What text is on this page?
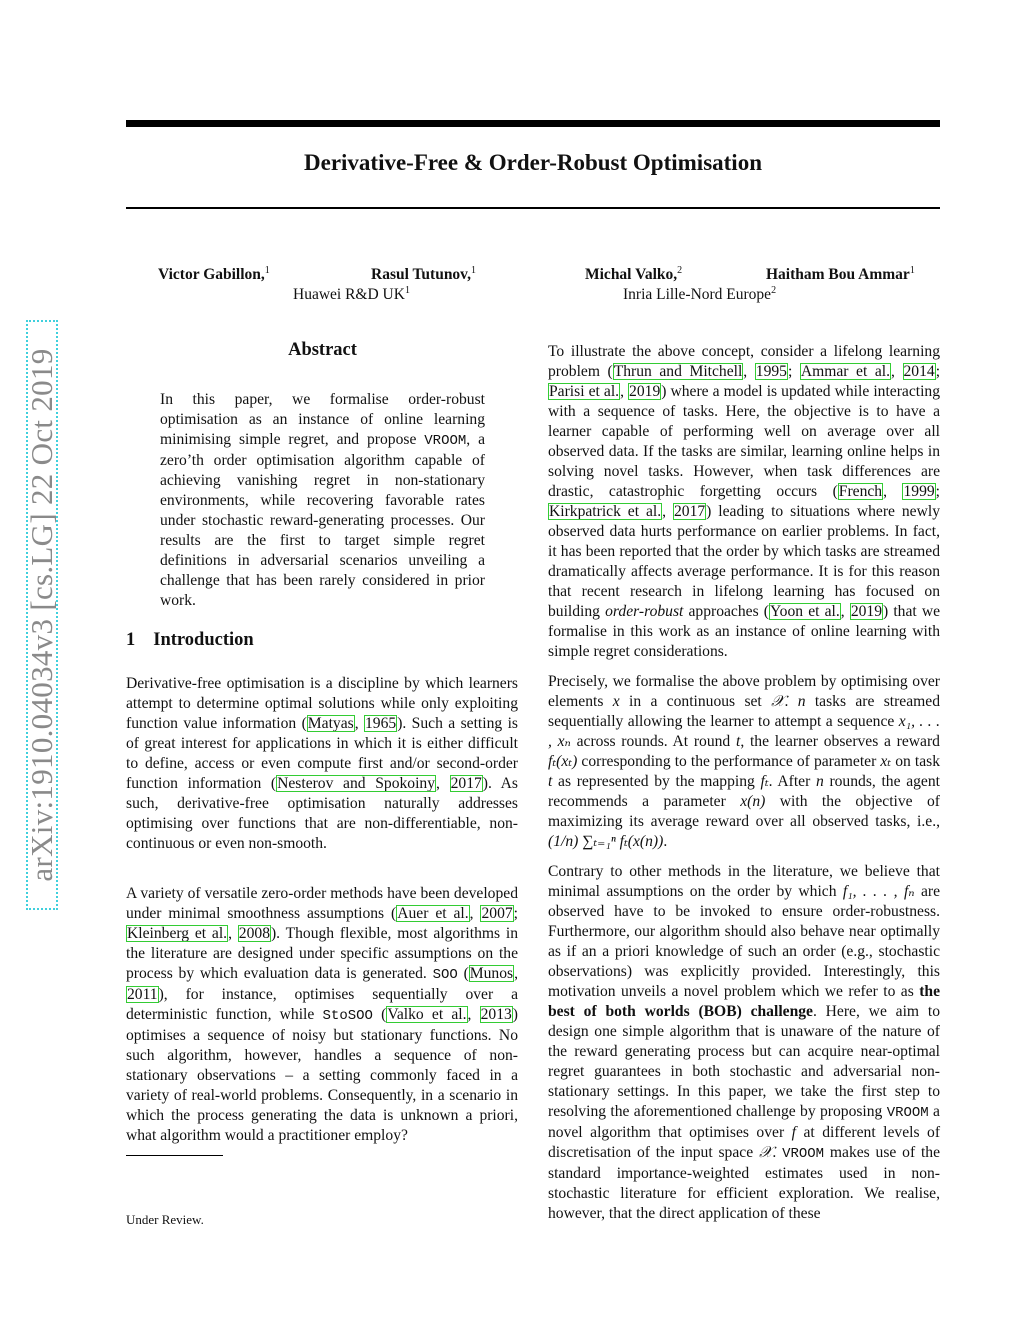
Derivative-Free & Order-Robust Optimisation
Victor Gabillon,$^1$	Rasul Tutunov,$^1$	Michal Valko,$^2$	Haitham Bou Ammar$^1$
Huawei R&D $UK^1$	Inria Lille-Nord Europe$^2$
arXiv:1910.04034v3 [cs.LG] 22 Oct 2019	Abstract

In this paper, we formalise order-robust optimisation as an instance of online learning minimising simple regret, and propose VROOM, a zero’th order optimisation algorithm capable of achieving vanishing regret in non-stationary environments, while recovering favorable rates under stochastic reward-generating processes. Our results are the first to target simple regret definitions in adversarial scenarios unveiling a challenge that has been rarely considered in prior work.

1 Introduction

Derivative-free optimisation is a discipline by which learners attempt to determine optimal solutions while only exploiting function value information (Matyas, 1965). Such a setting is of great interest for applications in which it is either difficult to define, access or even compute first and/or second-order function information (Nesterov and Spokoiny, 2017). As such, derivative-free optimisation naturally addresses optimising over functions that are non-differentiable, non-continuous or even non-smooth.

A variety of versatile zero-order methods have been developed under minimal smoothness assumptions (Auer et al., 2007; Kleinberg et al., 2008). Though flexible, most algorithms in the literature are designed under specific assumptions on the process by which evaluation data is generated. SOO (Munos, 2011), for instance, optimises sequentially over a deterministic function, while StoSOO (Valko et al., 2013) optimises a sequence of noisy but stationary functions. No such algorithm, however, handles a sequence of non-stationary observations – a setting commonly faced in a variety of real-world problems. Consequently, in a scenario in which the process generating the data is unknown a priori, what algorithm would a practitioner employ?

To illustrate the above concept, consider a lifelong learning problem (Thrun and Mitchell, 1995; Ammar et al., 2014; Parisi et al., 2019) where a model is updated while interacting with a sequence of tasks. Here, the objective is to have a learner capable of performing well on average over all observed data. If the tasks are similar, learning online helps in solving novel tasks. However, when task differences are drastic, catastrophic forgetting occurs (French, 1999; Kirkpatrick et al., 2017) leading to situations where newly observed data hurts performance on earlier problems. In fact, it has been reported that the order by which tasks are streamed dramatically affects average performance. It is for this reason that recent research in lifelong learning has focused on building order-robust approaches (Yoon et al., 2019) that we formalise in this work as an instance of online learning with simple regret considerations.

Precisely, we formalise the above problem by optimising over elements x in a continuous set 𝒳. n tasks are streamed sequentially allowing the learner to attempt a sequence x₁, . . . , xₙ across rounds. At round t, the learner observes a reward fₜ(xₜ) corresponding to the performance of parameter xₜ on task t as represented by the mapping fₜ. After n rounds, the agent recommends a parameter x(n) with the objective of maximizing its average reward over all observed tasks, i.e., (1/n) ∑ₜ₌₁ⁿ fₜ(x(n)).

Contrary to other methods in the literature, we believe that minimal assumptions on the order by which f₁, . . . , fₙ are observed have to be invoked to ensure order-robustness. Furthermore, our algorithm should also behave near optimally as if an a priori knowledge of such an order (e.g., stochastic observations) was explicitly provided. Interestingly, this motivation unveils a novel problem which we refer to as the best of both worlds (BOB) challenge. Here, we aim to design one simple algorithm that is unaware of the nature of the reward generating process but can acquire near-optimal regret guarantees in both stochastic and adversarial non-stationary settings. In this paper, we take the first step to resolving the aforementioned challenge by proposing VROOM a novel algorithm that optimises over f at different levels of discretisation of the input space 𝒳. VROOM makes use of the standard importance-weighted estimates used in non-stochastic literature for efficient exploration. We realise, however, that the direct application of these

Under Review.
